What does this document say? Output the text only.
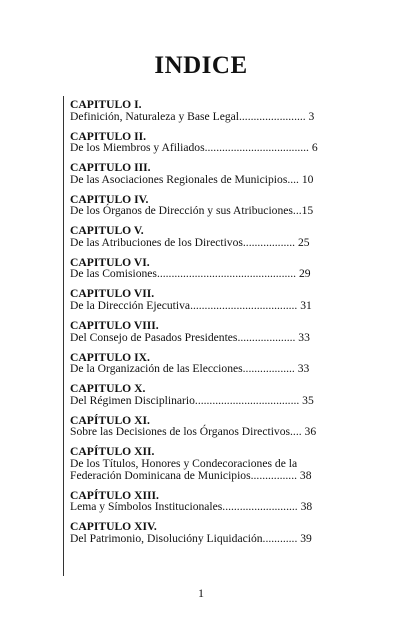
INDICE
CAPITULO I.
Definición, Naturaleza y Base Legal....................... 3
CAPITULO II.
De los Miembros y Afiliados.................................... 6
CAPITULO III.
De las Asociaciones Regionales de Municipios.... 10
CAPITULO IV.
De los Órganos de Dirección y sus Atribuciones...15
CAPITULO V.
De las Atribuciones de los Directivos.................. 25
CAPITULO VI.
De las Comisiones................................................ 29
CAPITULO VII.
De la Dirección Ejecutiva..................................... 31
CAPITULO VIII.
Del Consejo de Pasados Presidentes.................... 33
CAPITULO IX.
De la Organización de las Elecciones.................. 33
CAPITULO X.
Del Régimen Disciplinario.................................... 35
CAPÍTULO XI.
Sobre las Decisiones de los Órganos Directivos.... 36
CAPÍTULO XII.
De los Títulos, Honores y Condecoraciones de la
Federación Dominicana de Municipios................ 38
CAPÍTULO XIII.
Lema y Símbolos Institucionales.......................... 38
CAPITULO XIV.
Del Patrimonio, Disolucióny Liquidación............ 39
1
